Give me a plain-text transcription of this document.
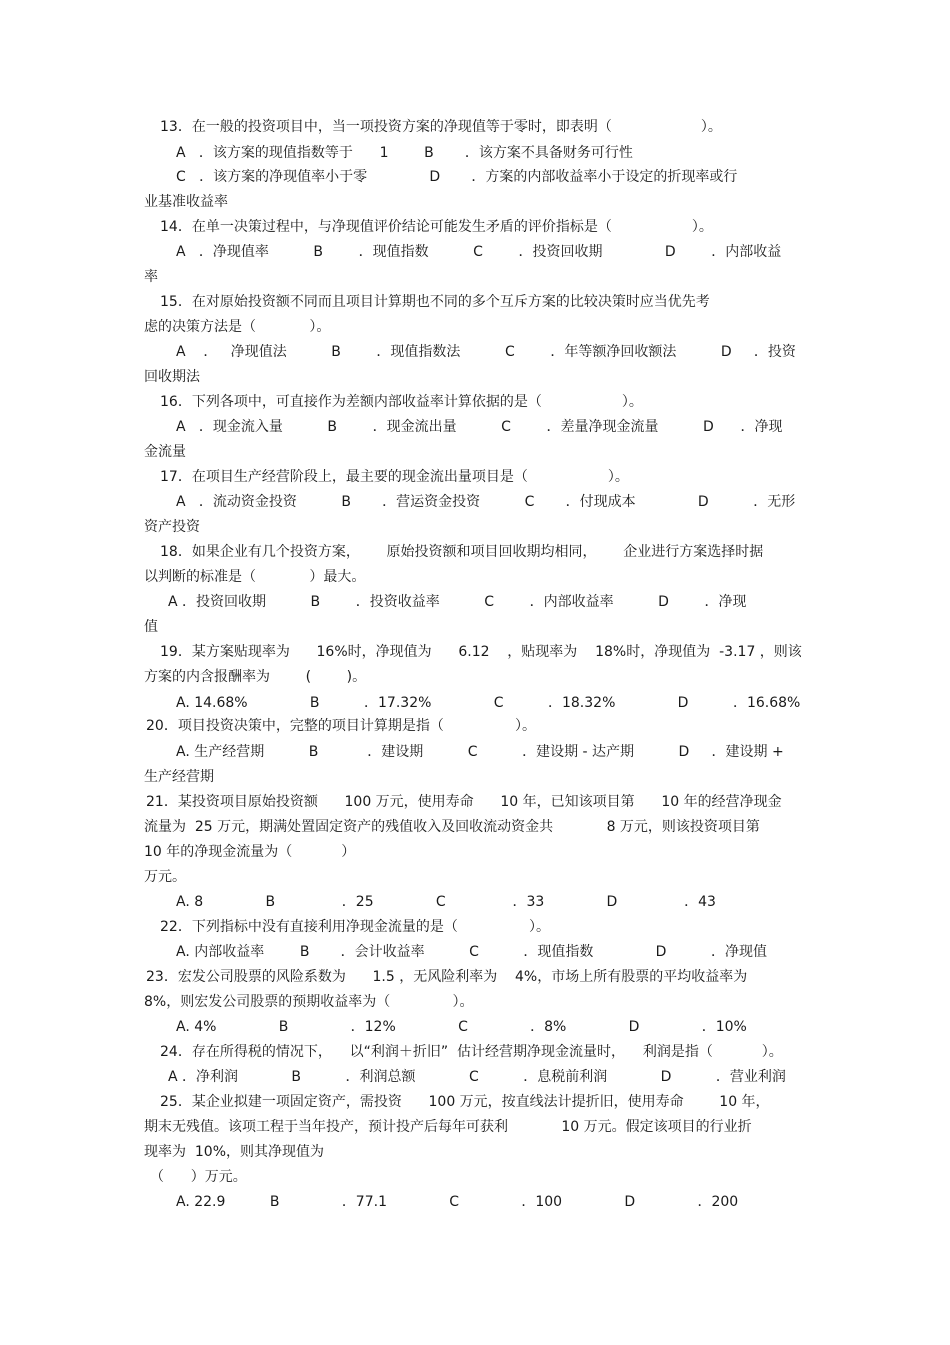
13．在一般的投资项目中，当一项投资方案的净现值等于零时，即表明（                    ）。
A   ．该方案的现值指数等于      1        B       ．该方案不具备财务可行性
C   ．该方案的净现值率小于零              D       ．方案的内部收益率小于设定的折现率或行
业基准收益率
14．在单一决策过程中，与净现值评价结论可能发生矛盾的评价指标是（                  ）。
A   ．净现值率          B        ．现值指数          C        ．投资回收期              D        ．内部收益
率
15．在对原始投资额不同而且项目计算期也不同的多个互斥方案的比较决策时应当优先考
虑的决策方法是（            ）。
A    ．   净现值法          B        ．现值指数法          C        ．年等额净回收额法          D     ．投资
回收期法
16．下列各项中，可直接作为差额内部收益率计算依据的是（                  ）。
A   ．现金流入量          B        ．现金流出量          C        ．差量净现金流量          D      ．净现
金流量
17．在项目生产经营阶段上，最主要的现金流出量项目是（                  ）。
A   ．流动资金投资          B       ．营运资金投资          C       ．付现成本              D          ．无形
资产投资
18．如果企业有几个投资方案，      原始投资额和项目回收期均相同，      企业进行方案选择时据
以判断的标准是（            ）最大。
A ．投资回收期          B        ．投资收益率          C        ．内部收益率          D        ．净现
值
19．某方案贴现率为      16%时，净现值为      6.12    ，贴现率为    18%时，净现值为  -3.17 ，则该
方案的内含报酬率为        (        )。
A. 14.68%              B          ．17.32%              C          ．18.32%              D          ．16.68%
20．项目投资决策中，完整的项目计算期是指（                ）。
A. 生产经营期          B           ．建设期          C          ．建设期 - 达产期          D     ．建设期 +
生产经营期
21．某投资项目原始投资额      100 万元，使用寿命      10 年，已知该项目第      10 年的经营净现金
流量为  25 万元，期满处置固定资产的残值收入及回收流动资金共            8 万元，则该投资项目第
10 年的净现金流量为（           ）
万元。
A. 8              B               ．25              C               ．33              D               ．43
22．下列指标中没有直接利用净现金流量的是（                ）。
A. 内部收益率        B       ．会计收益率          C          ．现值指数              D          ．净现值
23．宏发公司股票的风险系数为      1.5 ，无风险利率为    4%，市场上所有股票的平均收益率为
8%，则宏发公司股票的预期收益率为（              ）。
A. 4%              B              ．12%              C              ．8%              D              ．10%
24．存在所得税的情况下，    以“利润＋折旧”  估计经营期净现金流量时，    利润是指（           ）。
A ．净利润            B          ．利润总额            C          ．息税前利润            D          ．营业利润
25．某企业拟建一项固定资产，需投资      100 万元，按直线法计提折旧，使用寿命        10 年，
期末无残值。该项工程于当年投产，预计投产后每年可获利            10 万元。假定该项目的行业折
现率为  10%，则其净现值为
（      ）万元。
A. 22.9          B              ．77.1              C              ．100              D              ．200
